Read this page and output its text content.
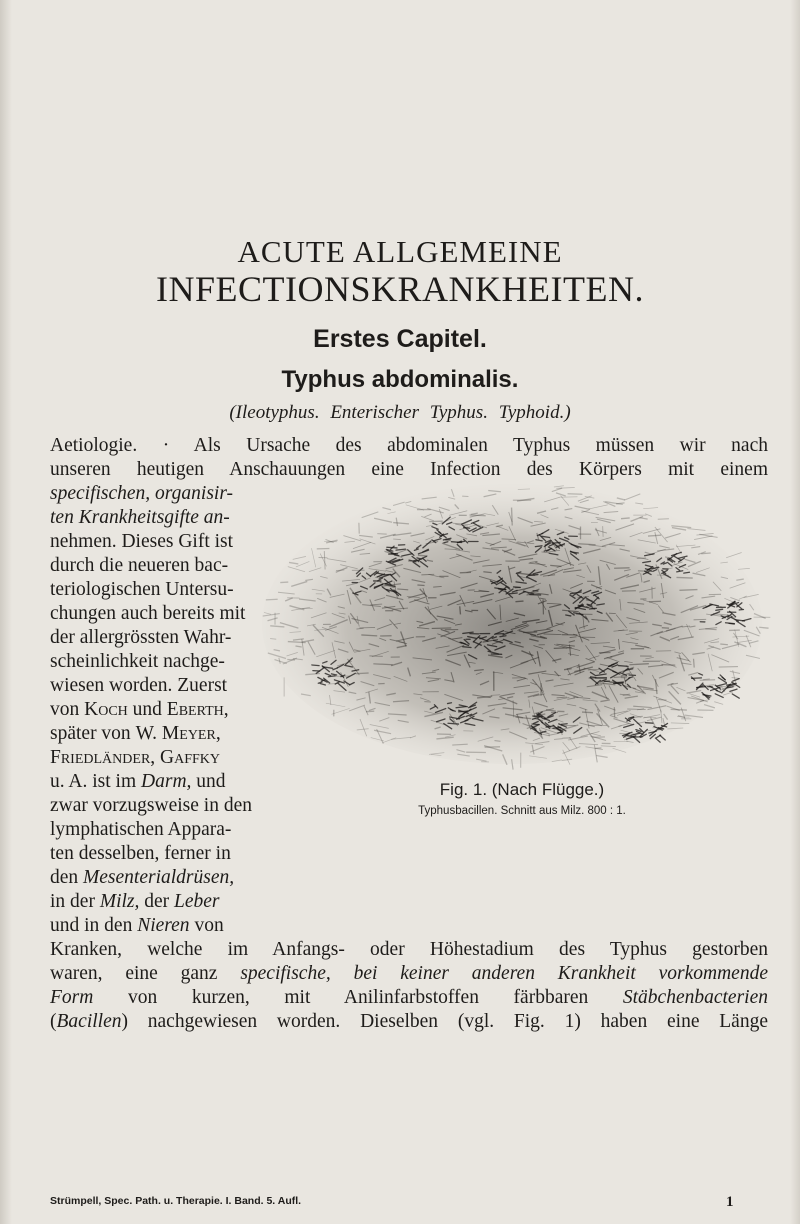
ACUTE ALLGEMEINE
INFECTIONSKRANKHEITEN.
Erstes Capitel.
Typhus abdominalis.
(Ileotyphus. Enterischer Typhus. Typhoid.)
Aetiologie. · Als Ursache des abdominalen Typhus müssen wir nach
unseren heutigen Anschauungen eine Infection des Körpers mit einem
specifischen, organisir-
ten Krankheitsgifte an-
nehmen. Dieses Gift ist
durch die neueren bac-
teriologischen Untersu-
chungen auch bereits mit
der allergrössten Wahr-
scheinlichkeit nachge-
wiesen worden. Zuerst
von Koch und Eberth,
später von W. Meyer,
Friedländer, Gaffky
u. A. ist im Darm, und
zwar vorzugsweise in den
lymphatischen Appara-
ten desselben, ferner in
den Mesenterialdrüsen,
in der Milz, der Leber
und in den Nieren von
Kranken, welche im Anfangs- oder Höhestadium des Typhus gestorben
waren, eine ganz specifische, bei keiner anderen Krankheit vorkommende
Form von kurzen, mit Anilinfarbstoffen färbbaren Stäbchenbacterien
(Bacillen) nachgewiesen worden. Dieselben (vgl. Fig. 1) haben eine Länge
Fig. 1. (Nach Flügge.)
Typhusbacillen. Schnitt aus Milz. 800 : 1.
Strümpell, Spec. Path. u. Therapie. I. Band. 5. Aufl.	1
